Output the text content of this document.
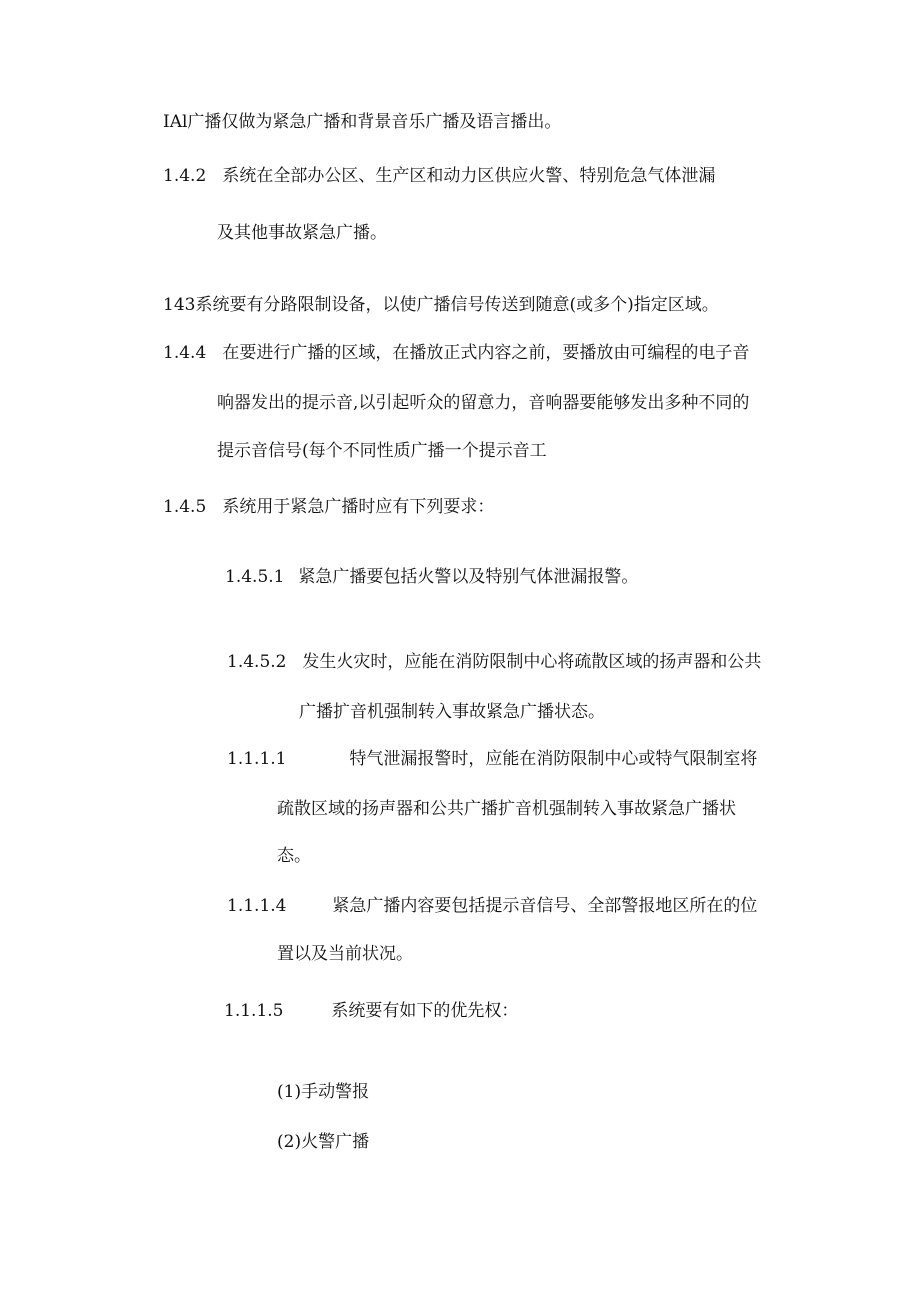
IAl广播仅做为紧急广播和背景音乐广播及语言播出。
1.4.2 系统在全部办公区、生产区和动力区供应火警、特别危急气体泄漏
及其他事故紧急广播。
143系统要有分路限制设备，以使广播信号传送到随意(或多个)指定区域。
1.4.4 在要进行广播的区域，在播放正式内容之前，要播放由可编程的电子音
响器发出的提示音,以引起听众的留意力，音响器要能够发出多种不同的
提示音信号(每个不同性质广播一个提示音工
1.4.5 系统用于紧急广播时应有下列要求：
1.4.5.1 紧急广播要包括火警以及特别气体泄漏报警。
1.4.5.2 发生火灾时，应能在消防限制中心将疏散区域的扬声器和公共
广播扩音机强制转入事故紧急广播状态。
1.1.1.1	特气泄漏报警时，应能在消防限制中心或特气限制室将
疏散区域的扬声器和公共广播扩音机强制转入事故紧急广播状
态。
1.1.1.4	紧急广播内容要包括提示音信号、全部警报地区所在的位
置以及当前状况。
1.1.1.5	系统要有如下的优先权：
(1)手动警报
(2)火警广播
